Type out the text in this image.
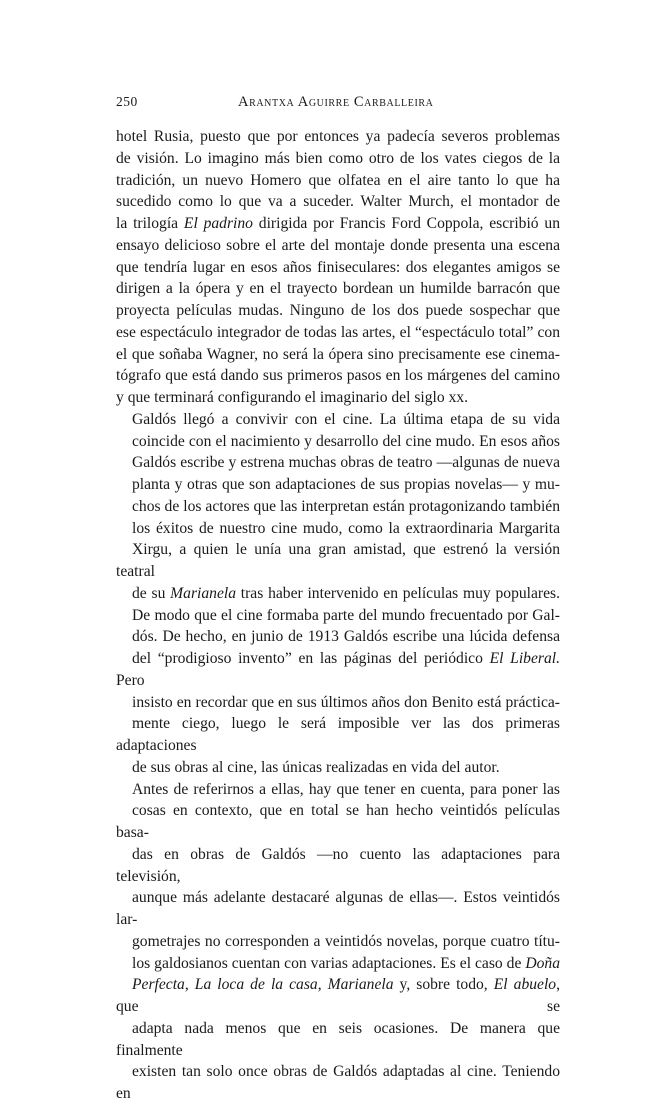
250	Arantxa Aguirre Carballeira

hotel Rusia, puesto que por entonces ya padecía severos problemas
de visión. Lo imagino más bien como otro de los vates ciegos de la
tradición, un nuevo Homero que olfatea en el aire tanto lo que ha
sucedido como lo que va a suceder. Walter Murch, el montador de
la trilogía El padrino dirigida por Francis Ford Coppola, escribió un
ensayo delicioso sobre el arte del montaje donde presenta una escena
que tendría lugar en esos años finiseculares: dos elegantes amigos se
dirigen a la ópera y en el trayecto bordean un humilde barracón que
proyecta películas mudas. Ninguno de los dos puede sospechar que
ese espectáculo integrador de todas las artes, el “espectáculo total” con
el que soñaba Wagner, no será la ópera sino precisamente ese cinema-
tógrafo que está dando sus primeros pasos en los márgenes del camino
y que terminará configurando el imaginario del siglo xx.

Galdós llegó a convivir con el cine. La última etapa de su vida
coincide con el nacimiento y desarrollo del cine mudo. En esos años
Galdós escribe y estrena muchas obras de teatro —algunas de nueva
planta y otras que son adaptaciones de sus propias novelas— y mu-
chos de los actores que las interpretan están protagonizando también
los éxitos de nuestro cine mudo, como la extraordinaria Margarita
Xirgu, a quien le unía una gran amistad, que estrenó la versión teatral
de su Marianela tras haber intervenido en películas muy populares.
De modo que el cine formaba parte del mundo frecuentado por Gal-
dós. De hecho, en junio de 1913 Galdós escribe una lúcida defensa
del “prodigioso invento” en las páginas del periódico El Liberal. Pero
insisto en recordar que en sus últimos años don Benito está práctica-
mente ciego, luego le será imposible ver las dos primeras adaptaciones
de sus obras al cine, las únicas realizadas en vida del autor.

Antes de referirnos a ellas, hay que tener en cuenta, para poner las
cosas en contexto, que en total se han hecho veintidós películas basa-
das en obras de Galdós —no cuento las adaptaciones para televisión,
aunque más adelante destacaré algunas de ellas—. Estos veintidós lar-
gometrajes no corresponden a veintidós novelas, porque cuatro títu-
los galdosianos cuentan con varias adaptaciones. Es el caso de Doña
Perfecta, La loca de la casa, Marianela y, sobre todo, El abuelo, que se
adapta nada menos que en seis ocasiones. De manera que finalmente
existen tan solo once obras de Galdós adaptadas al cine. Teniendo en
